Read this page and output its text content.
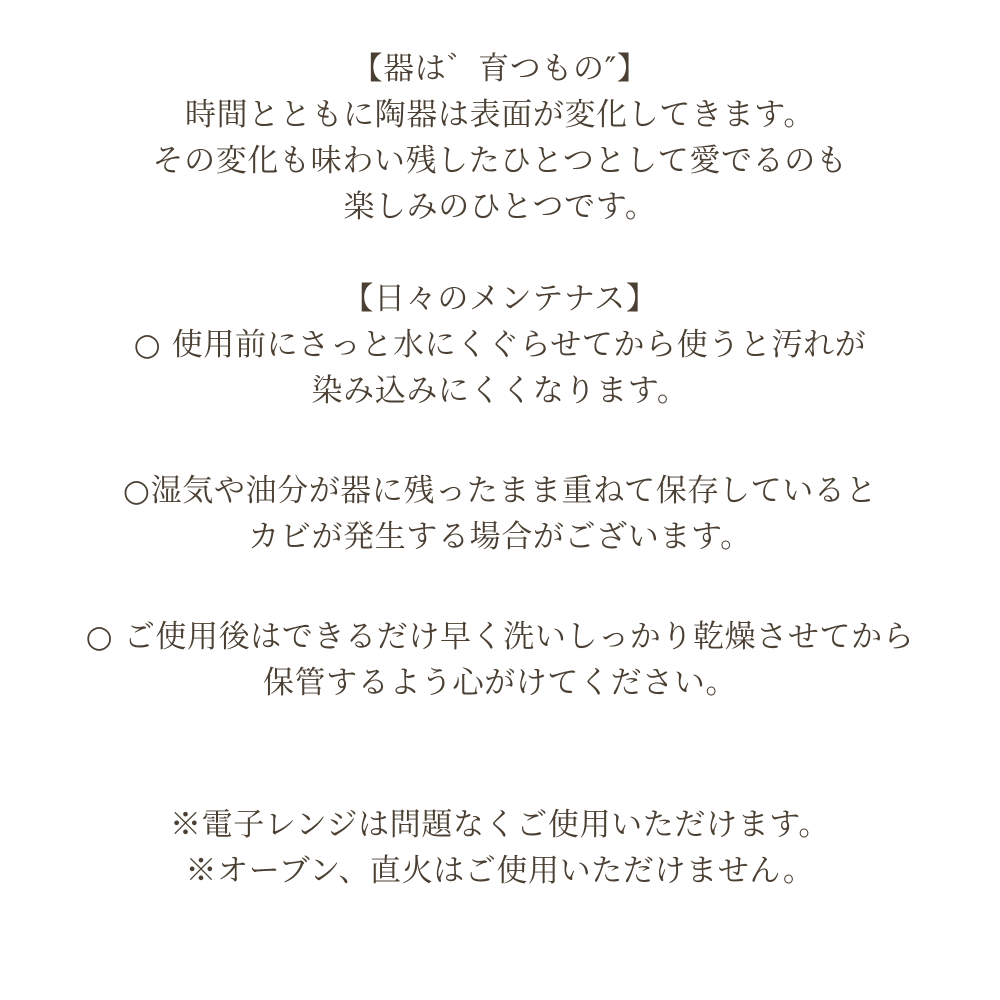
【器は゛育つもの″】
時間とともに陶器は表面が変化してきます。
その変化も味わい残したひとつとして愛でるのも
楽しみのひとつです。
【日々のメンテナス】
○ 使用前にさっと水にくぐらせてから使うと汚れが
染み込みにくくなります。
○湿気や油分が器に残ったまま重ねて保存していると
カビが発生する場合がございます。
○ ご使用後はできるだけ早く洗いしっかり乾燥させてから
保管するよう心がけてください。
※電子レンジは問題なくご使用いただけます。
※オーブン、直火はご使用いただけません。
